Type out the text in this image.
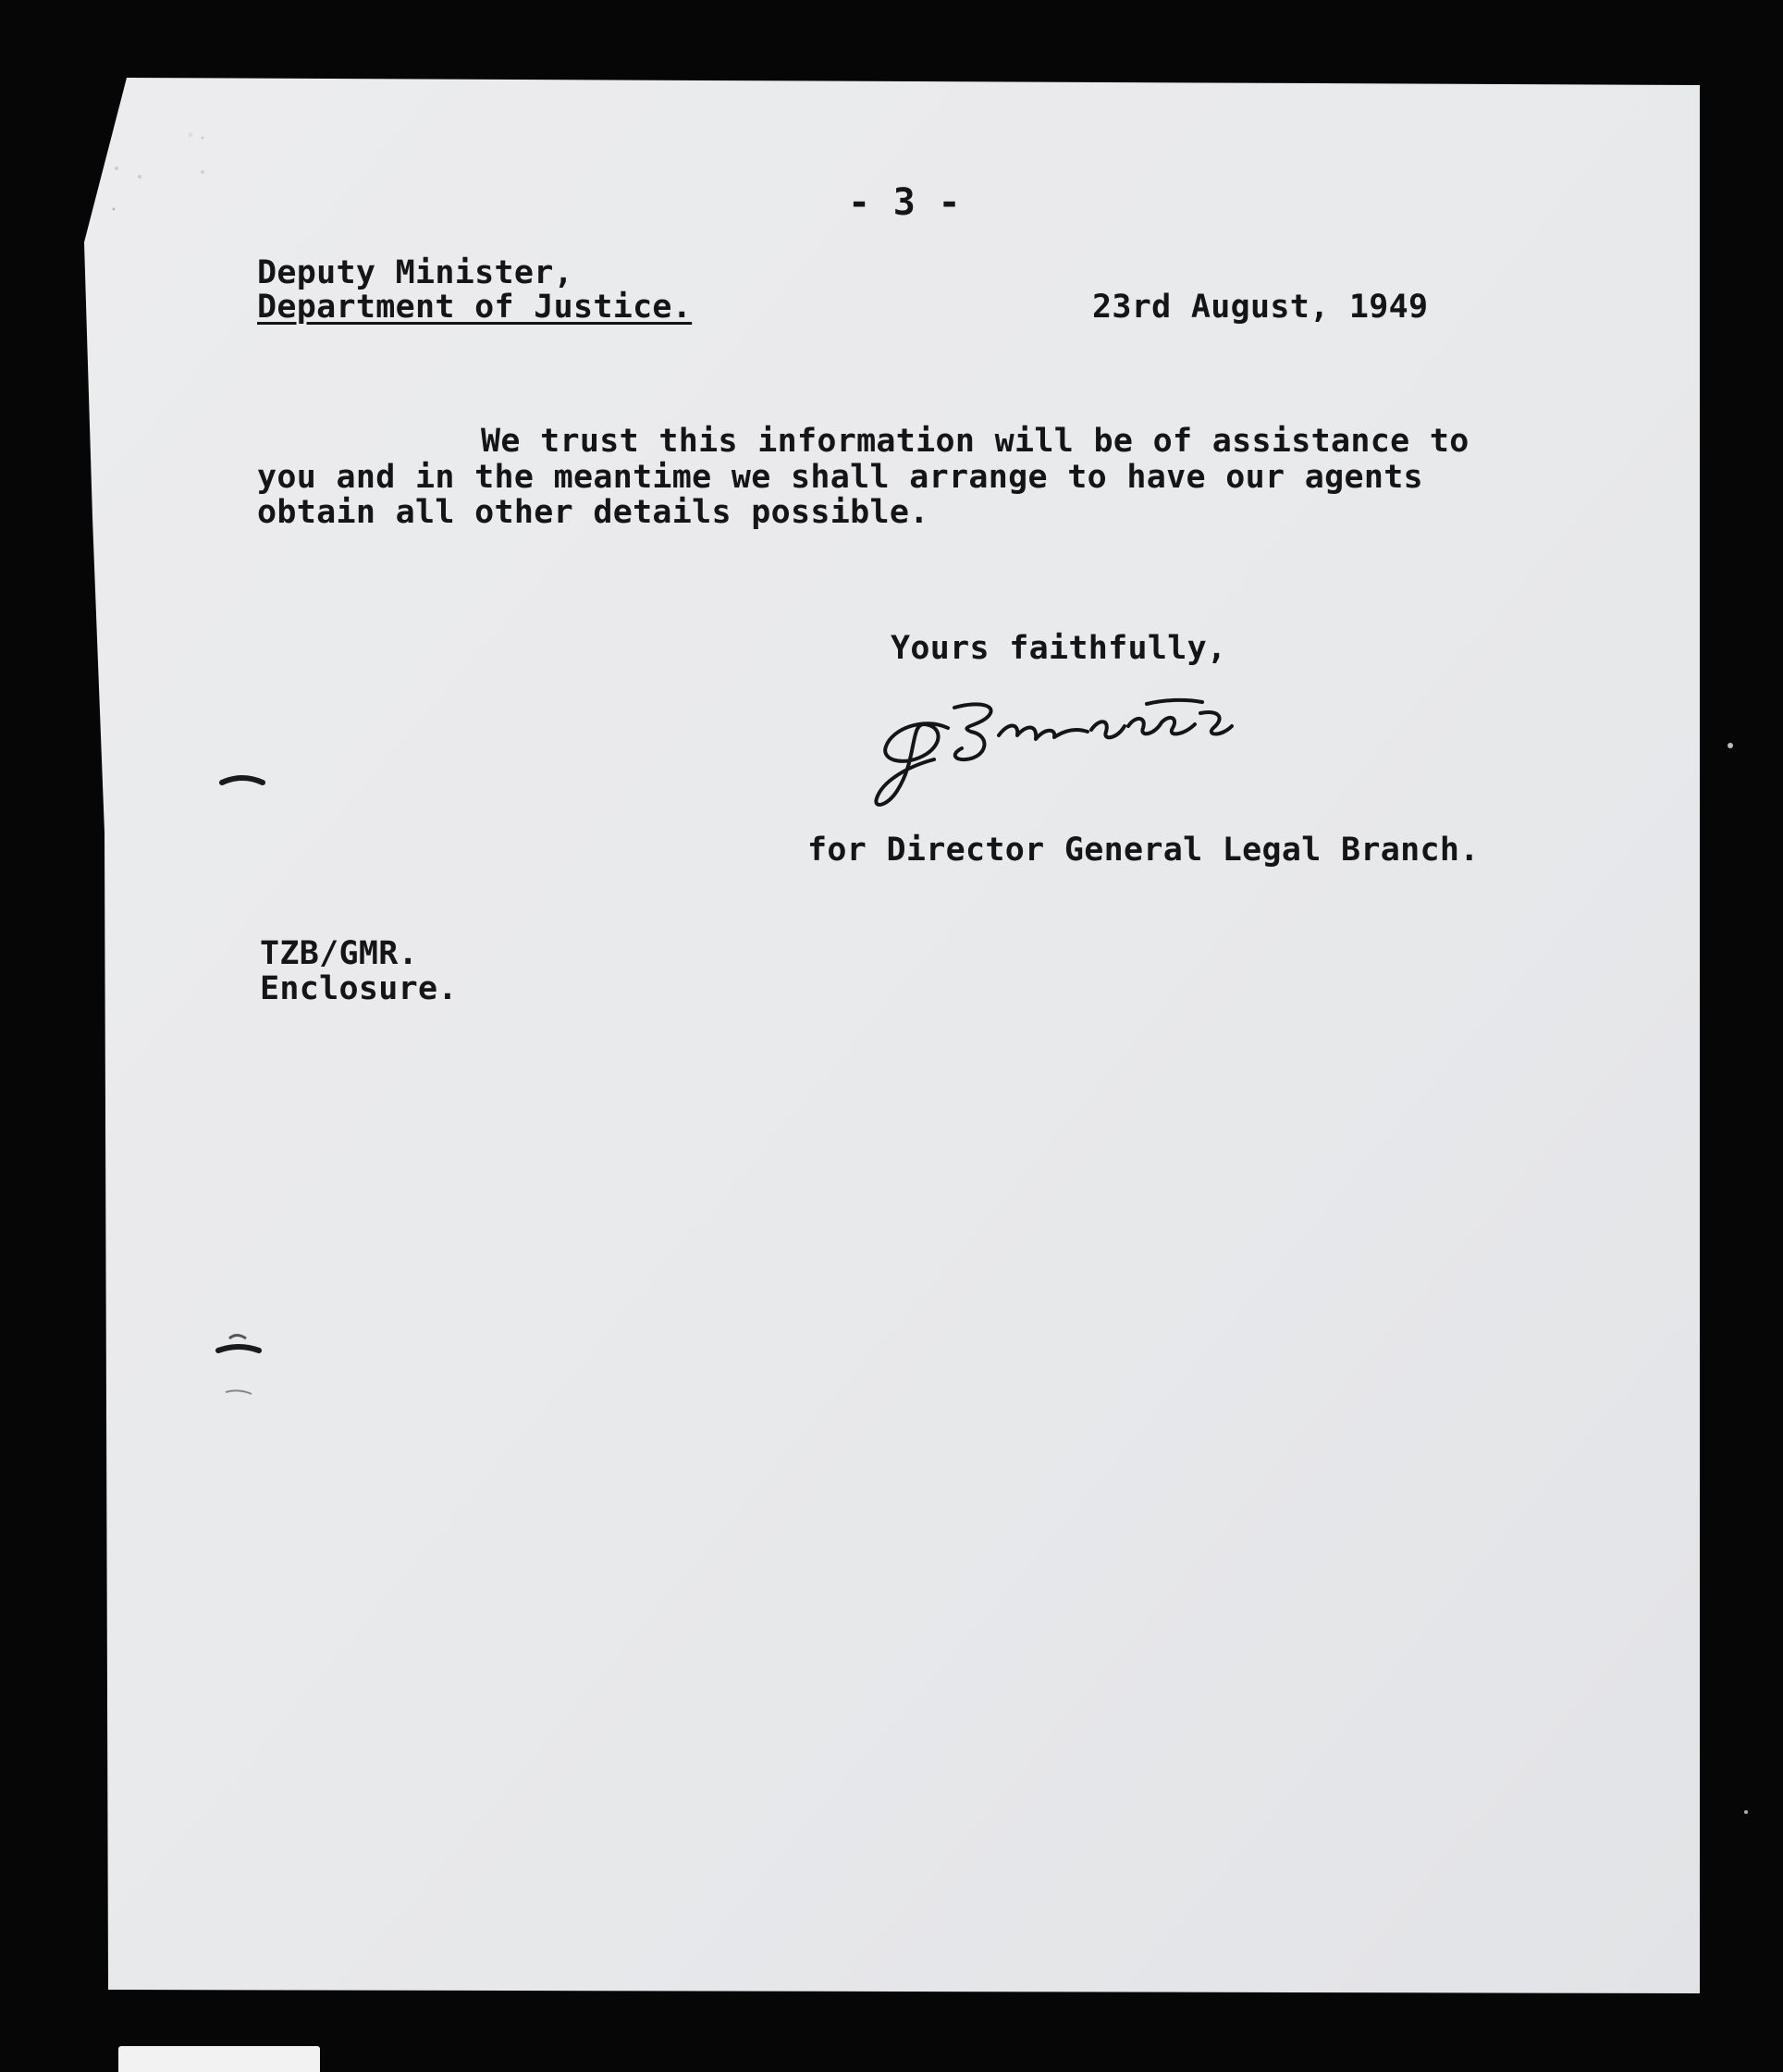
- 3 -

Deputy Minister,

Department of Justice.	23rd August, 1949

We trust this information will be of assistance to

you and in the meantime we shall arrange to have our agents

obtain all other details possible.

Yours faithfully,

for Director General Legal Branch.

TZB/GMR.

Enclosure.
